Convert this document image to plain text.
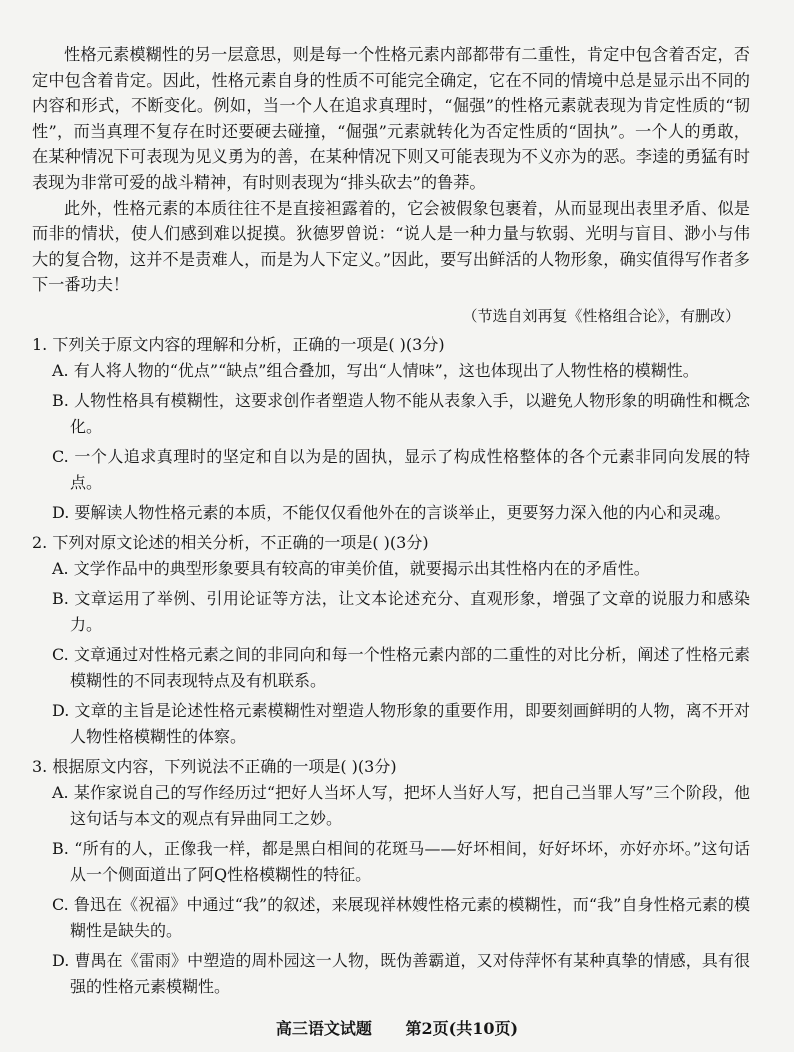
性格元素模糊性的另一层意思，则是每一个性格元素内部都带有二重性，肯定中包含着否定，否定中包含着肯定。因此，性格元素自身的性质不可能完全确定，它在不同的情境中总是显示出不同的内容和形式，不断变化。例如，当一个人在追求真理时，“倔强”的性格元素就表现为肯定性质的“韧性”，而当真理不复存在时还要硬去碰撞，“倔强”元素就转化为否定性质的“固执”。一个人的勇敢，在某种情况下可表现为见义勇为的善，在某种情况下则又可能表现为不义亦为的恶。李逵的勇猛有时表现为非常可爱的战斗精神，有时则表现为“排头砍去”的鲁莽。

此外，性格元素的本质往往不是直接袒露着的，它会被假象包裹着，从而显现出表里矛盾、似是而非的情状，使人们感到难以捉摸。狄德罗曾说：“说人是一种力量与软弱、光明与盲目、渺小与伟大的复合物，这并不是责难人，而是为人下定义。”因此，要写出鲜活的人物形象，确实值得写作者多下一番功夫！

（节选自刘再复《性格组合论》，有删改）

1. 下列关于原文内容的理解和分析，正确的一项是( )(3分)

A. 有人将人物的“优点”“缺点”组合叠加，写出“人情味”，这也体现出了人物性格的模糊性。

B. 人物性格具有模糊性，这要求创作者塑造人物不能从表象入手，以避免人物形象的明确性和概念化。

C. 一个人追求真理时的坚定和自以为是的固执，显示了构成性格整体的各个元素非同向发展的特点。

D. 要解读人物性格元素的本质，不能仅仅看他外在的言谈举止，更要努力深入他的内心和灵魂。

2. 下列对原文论述的相关分析，不正确的一项是( )(3分)

A. 文学作品中的典型形象要具有较高的审美价值，就要揭示出其性格内在的矛盾性。

B. 文章运用了举例、引用论证等方法，让文本论述充分、直观形象，增强了文章的说服力和感染力。

C. 文章通过对性格元素之间的非同向和每一个性格元素内部的二重性的对比分析，阐述了性格元素模糊性的不同表现特点及有机联系。

D. 文章的主旨是论述性格元素模糊性对塑造人物形象的重要作用，即要刻画鲜明的人物，离不开对人物性格模糊性的体察。

3. 根据原文内容，下列说法不正确的一项是( )(3分)

A. 某作家说自己的写作经历过“把好人当坏人写，把坏人当好人写，把自己当罪人写”三个阶段，他这句话与本文的观点有异曲同工之妙。

B. “所有的人，正像我一样，都是黑白相间的花斑马——好坏相间，好好坏坏，亦好亦坏。”这句话从一个侧面道出了阿Q性格模糊性的特征。

C. 鲁迅在《祝福》中通过“我”的叙述，来展现祥林嫂性格元素的模糊性，而“我”自身性格元素的模糊性是缺失的。

D. 曹禺在《雷雨》中塑造的周朴园这一人物，既伪善霸道，又对侍萍怀有某种真挚的情感，具有很强的性格元素模糊性。

高三语文试题 第2页(共10页)
